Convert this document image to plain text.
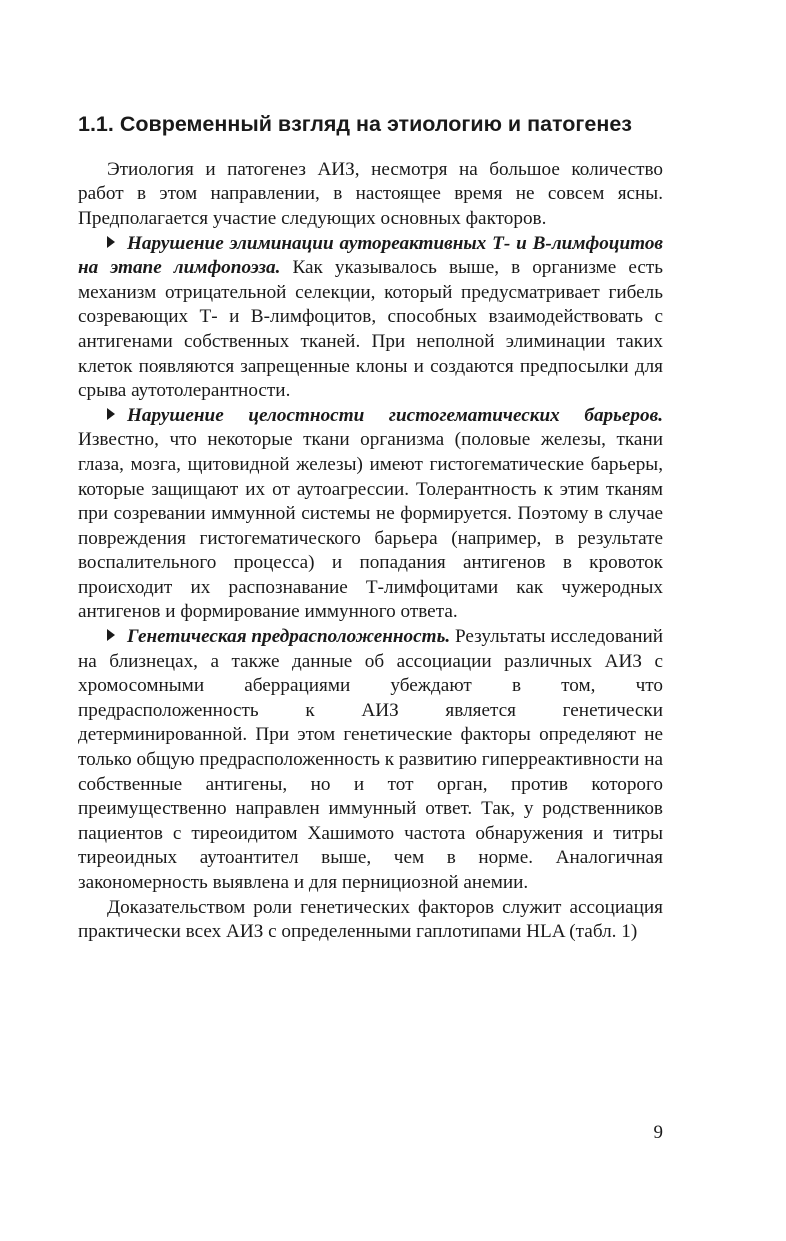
1.1. Современный взгляд на этиологию и патогенез

Этиология и патогенез АИЗ, несмотря на большое количество работ в этом направлении, в настоящее время не совсем ясны. Предполагается участие следующих основных факторов.

Нарушение элиминации аутореактивных Т- и В-лимфоцитов на этапе лимфопоэза. Как указывалось выше, в организме есть механизм отрицательной селекции, который предусматривает гибель созревающих Т- и В-лимфоцитов, способных взаимодействовать с антигенами собственных тканей. При неполной элиминации таких клеток появляются запрещенные клоны и создаются предпосылки для срыва аутотолерантности.

Нарушение целостности гистогематических барьеров. Известно, что некоторые ткани организма (половые железы, ткани глаза, мозга, щитовидной железы) имеют гистогематические барьеры, которые защищают их от аутоагрессии. Толерантность к этим тканям при созревании иммунной системы не формируется. Поэтому в случае повреждения гистогематического барьера (например, в результате воспалительного процесса) и попадания антигенов в кровоток происходит их распознавание Т-лимфоцитами как чужеродных антигенов и формирование иммунного ответа.

Генетическая предрасположенность. Результаты исследований на близнецах, а также данные об ассоциации различных АИЗ с хромосомными аберрациями убеждают в том, что предрасположенность к АИЗ является генетически детерминированной. При этом генетические факторы определяют не только общую предрасположенность к развитию гиперреактивности на собственные антигены, но и тот орган, против которого преимущественно направлен иммунный ответ. Так, у родственников пациентов с тиреоидитом Хашимото частота обнаружения и титры тиреоидных аутоантител выше, чем в норме. Аналогичная закономерность выявлена и для пернициозной анемии.

Доказательством роли генетических факторов служит ассоциация практически всех АИЗ с определенными гаплотипами HLA (табл. 1)

9
